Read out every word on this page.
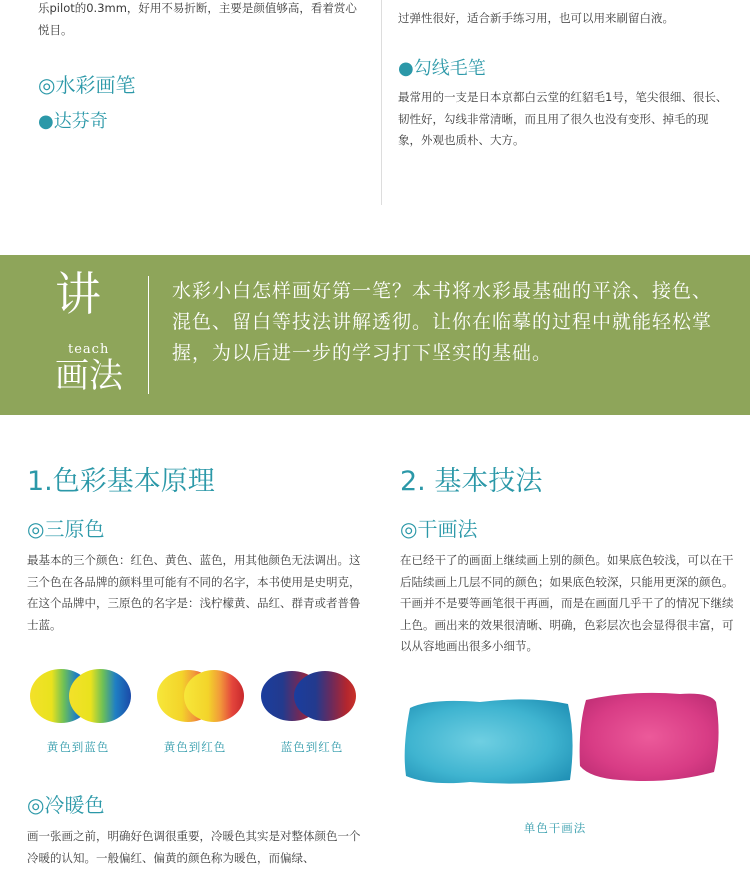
乐pilot的0.3mm，好用不易折断，主要是颜值够高，看着赏心悦目。

◎水彩画笔
●达芬奇

过弹性很好，适合新手练习用，也可以用来刷留白液。

●勾线毛笔

最常用的一支是日本京都白云堂的红貂毛1号，笔尖很细、很长、韧性好，勾线非常清晰，而且用了很久也没有变形、掉毛的现象，外观也质朴、大方。

讲
teach
画法

水彩小白怎样画好第一笔？本书将水彩最基础的平涂、接色、混色、留白等技法讲解透彻。让你在临摹的过程中就能轻松掌握，为以后进一步的学习打下坚实的基础。

1.色彩基本原理
◎三原色

最基本的三个颜色：红色、黄色、蓝色，用其他颜色无法调出。这三个色在各品牌的颜料里可能有不同的名字，本书使用是史明克，在这个品牌中，三原色的名字是：浅柠檬黄、品红、群青或者普鲁士蓝。

黄色到蓝色	黄色到红色	蓝色到红色
◎冷暖色

画一张画之前，明确好色调很重要，冷暖色其实是对整体颜色一个冷暖的认知。一般偏红、偏黄的颜色称为暖色，而偏绿、

2. 基本技法
◎干画法

在已经干了的画面上继续画上别的颜色。如果底色较浅，可以在干后陆续画上几层不同的颜色；如果底色较深，只能用更深的颜色。干画并不是要等画笔很干再画，而是在画面几乎干了的情况下继续上色。画出来的效果很清晰、明确，色彩层次也会显得很丰富，可以从容地画出很多小细节。

单色干画法
